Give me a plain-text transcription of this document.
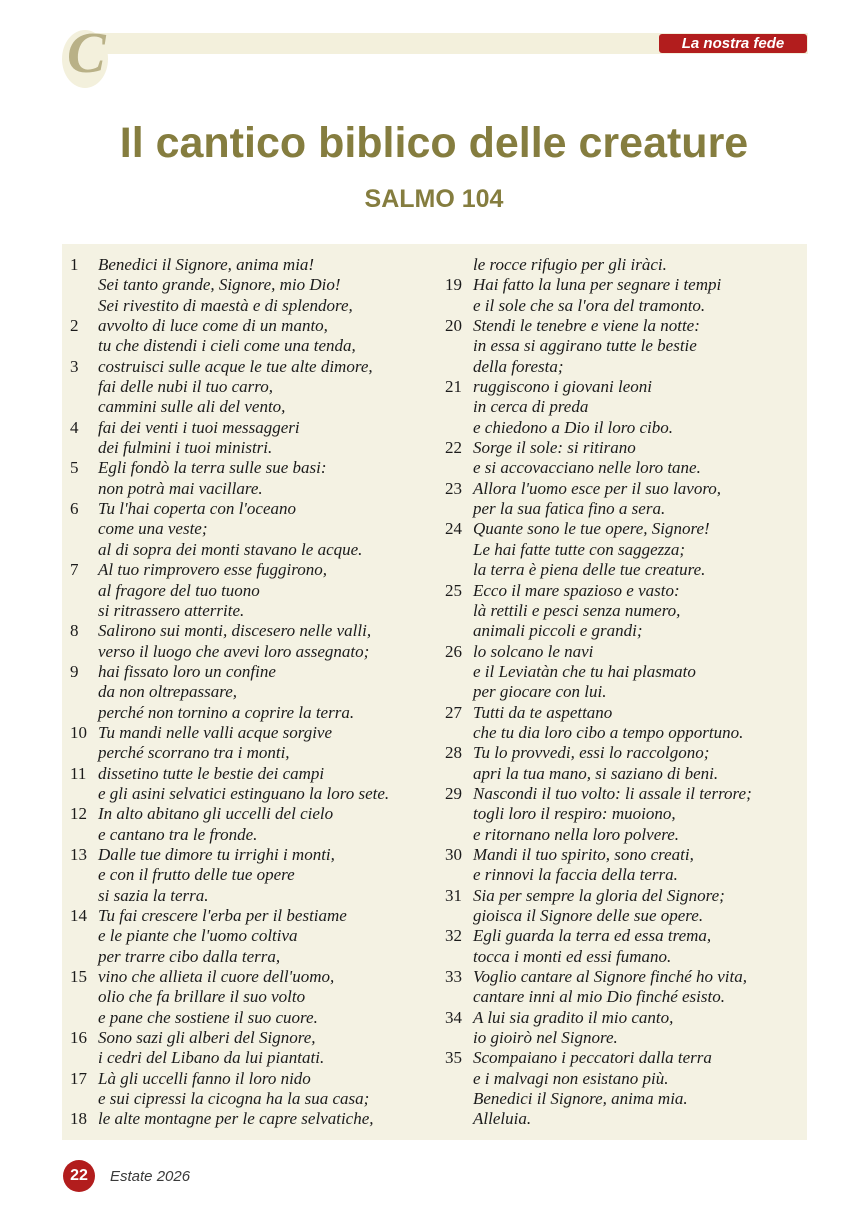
C	La nostra fede
Il cantico biblico delle creature
SALMO 104
1 Benedici il Signore, anima mia!
Sei tanto grande, Signore, mio Dio!
Sei rivestito di maestà e di splendore,
2 avvolto di luce come di un manto,
tu che distendi i cieli come una tenda,
3 costruisci sulle acque le tue alte dimore,
fai delle nubi il tuo carro,
cammini sulle ali del vento,
4 fai dei venti i tuoi messaggeri
dei fulmini i tuoi ministri.
5 Egli fondò la terra sulle sue basi:
non potrà mai vacillare.
6 Tu l'hai coperta con l'oceano
come una veste;
al di sopra dei monti stavano le acque.
7 Al tuo rimprovero esse fuggirono,
al fragore del tuo tuono
si ritrassero atterrite.
8 Salirono sui monti, discesero nelle valli,
verso il luogo che avevi loro assegnato;
9 hai fissato loro un confine
da non oltrepassare,
perché non tornino a coprire la terra.
10 Tu mandi nelle valli acque sorgive
perché scorrano tra i monti,
11 dissetino tutte le bestie dei campi
e gli asini selvatici estinguano la loro sete.
12 In alto abitano gli uccelli del cielo
e cantano tra le fronde.
13 Dalle tue dimore tu irrighi i monti,
e con il frutto delle tue opere
si sazia la terra.
14 Tu fai crescere l'erba per il bestiame
e le piante che l'uomo coltiva
per trarre cibo dalla terra,
15 vino che allieta il cuore dell'uomo,
olio che fa brillare il suo volto
e pane che sostiene il suo cuore.
16 Sono sazi gli alberi del Signore,
i cedri del Libano da lui piantati.
17 Là gli uccelli fanno il loro nido
e sui cipressi la cicogna ha la sua casa;
18 le alte montagne per le capre selvatiche,
le rocce rifugio per gli iràci.
19 Hai fatto la luna per segnare i tempi
e il sole che sa l'ora del tramonto.
20 Stendi le tenebre e viene la notte:
in essa si aggirano tutte le bestie
della foresta;
21 ruggiscono i giovani leoni
in cerca di preda
e chiedono a Dio il loro cibo.
22 Sorge il sole: si ritirano
e si accovacciano nelle loro tane.
23 Allora l'uomo esce per il suo lavoro,
per la sua fatica fino a sera.
24 Quante sono le tue opere, Signore!
Le hai fatte tutte con saggezza;
la terra è piena delle tue creature.
25 Ecco il mare spazioso e vasto:
là rettili e pesci senza numero,
animali piccoli e grandi;
26 lo solcano le navi
e il Leviatàn che tu hai plasmato
per giocare con lui.
27 Tutti da te aspettano
che tu dia loro cibo a tempo opportuno.
28 Tu lo provvedi, essi lo raccolgono;
apri la tua mano, si saziano di beni.
29 Nascondi il tuo volto: li assale il terrore;
togli loro il respiro: muoiono,
e ritornano nella loro polvere.
30 Mandi il tuo spirito, sono creati,
e rinnovi la faccia della terra.
31 Sia per sempre la gloria del Signore;
gioisca il Signore delle sue opere.
32 Egli guarda la terra ed essa trema,
tocca i monti ed essi fumano.
33 Voglio cantare al Signore finché ho vita,
cantare inni al mio Dio finché esisto.
34 A lui sia gradito il mio canto,
io gioirò nel Signore.
35 Scompaiano i peccatori dalla terra
e i malvagi non esistano più.
Benedici il Signore, anima mia.
Alleluia.
22	Estate 2026
